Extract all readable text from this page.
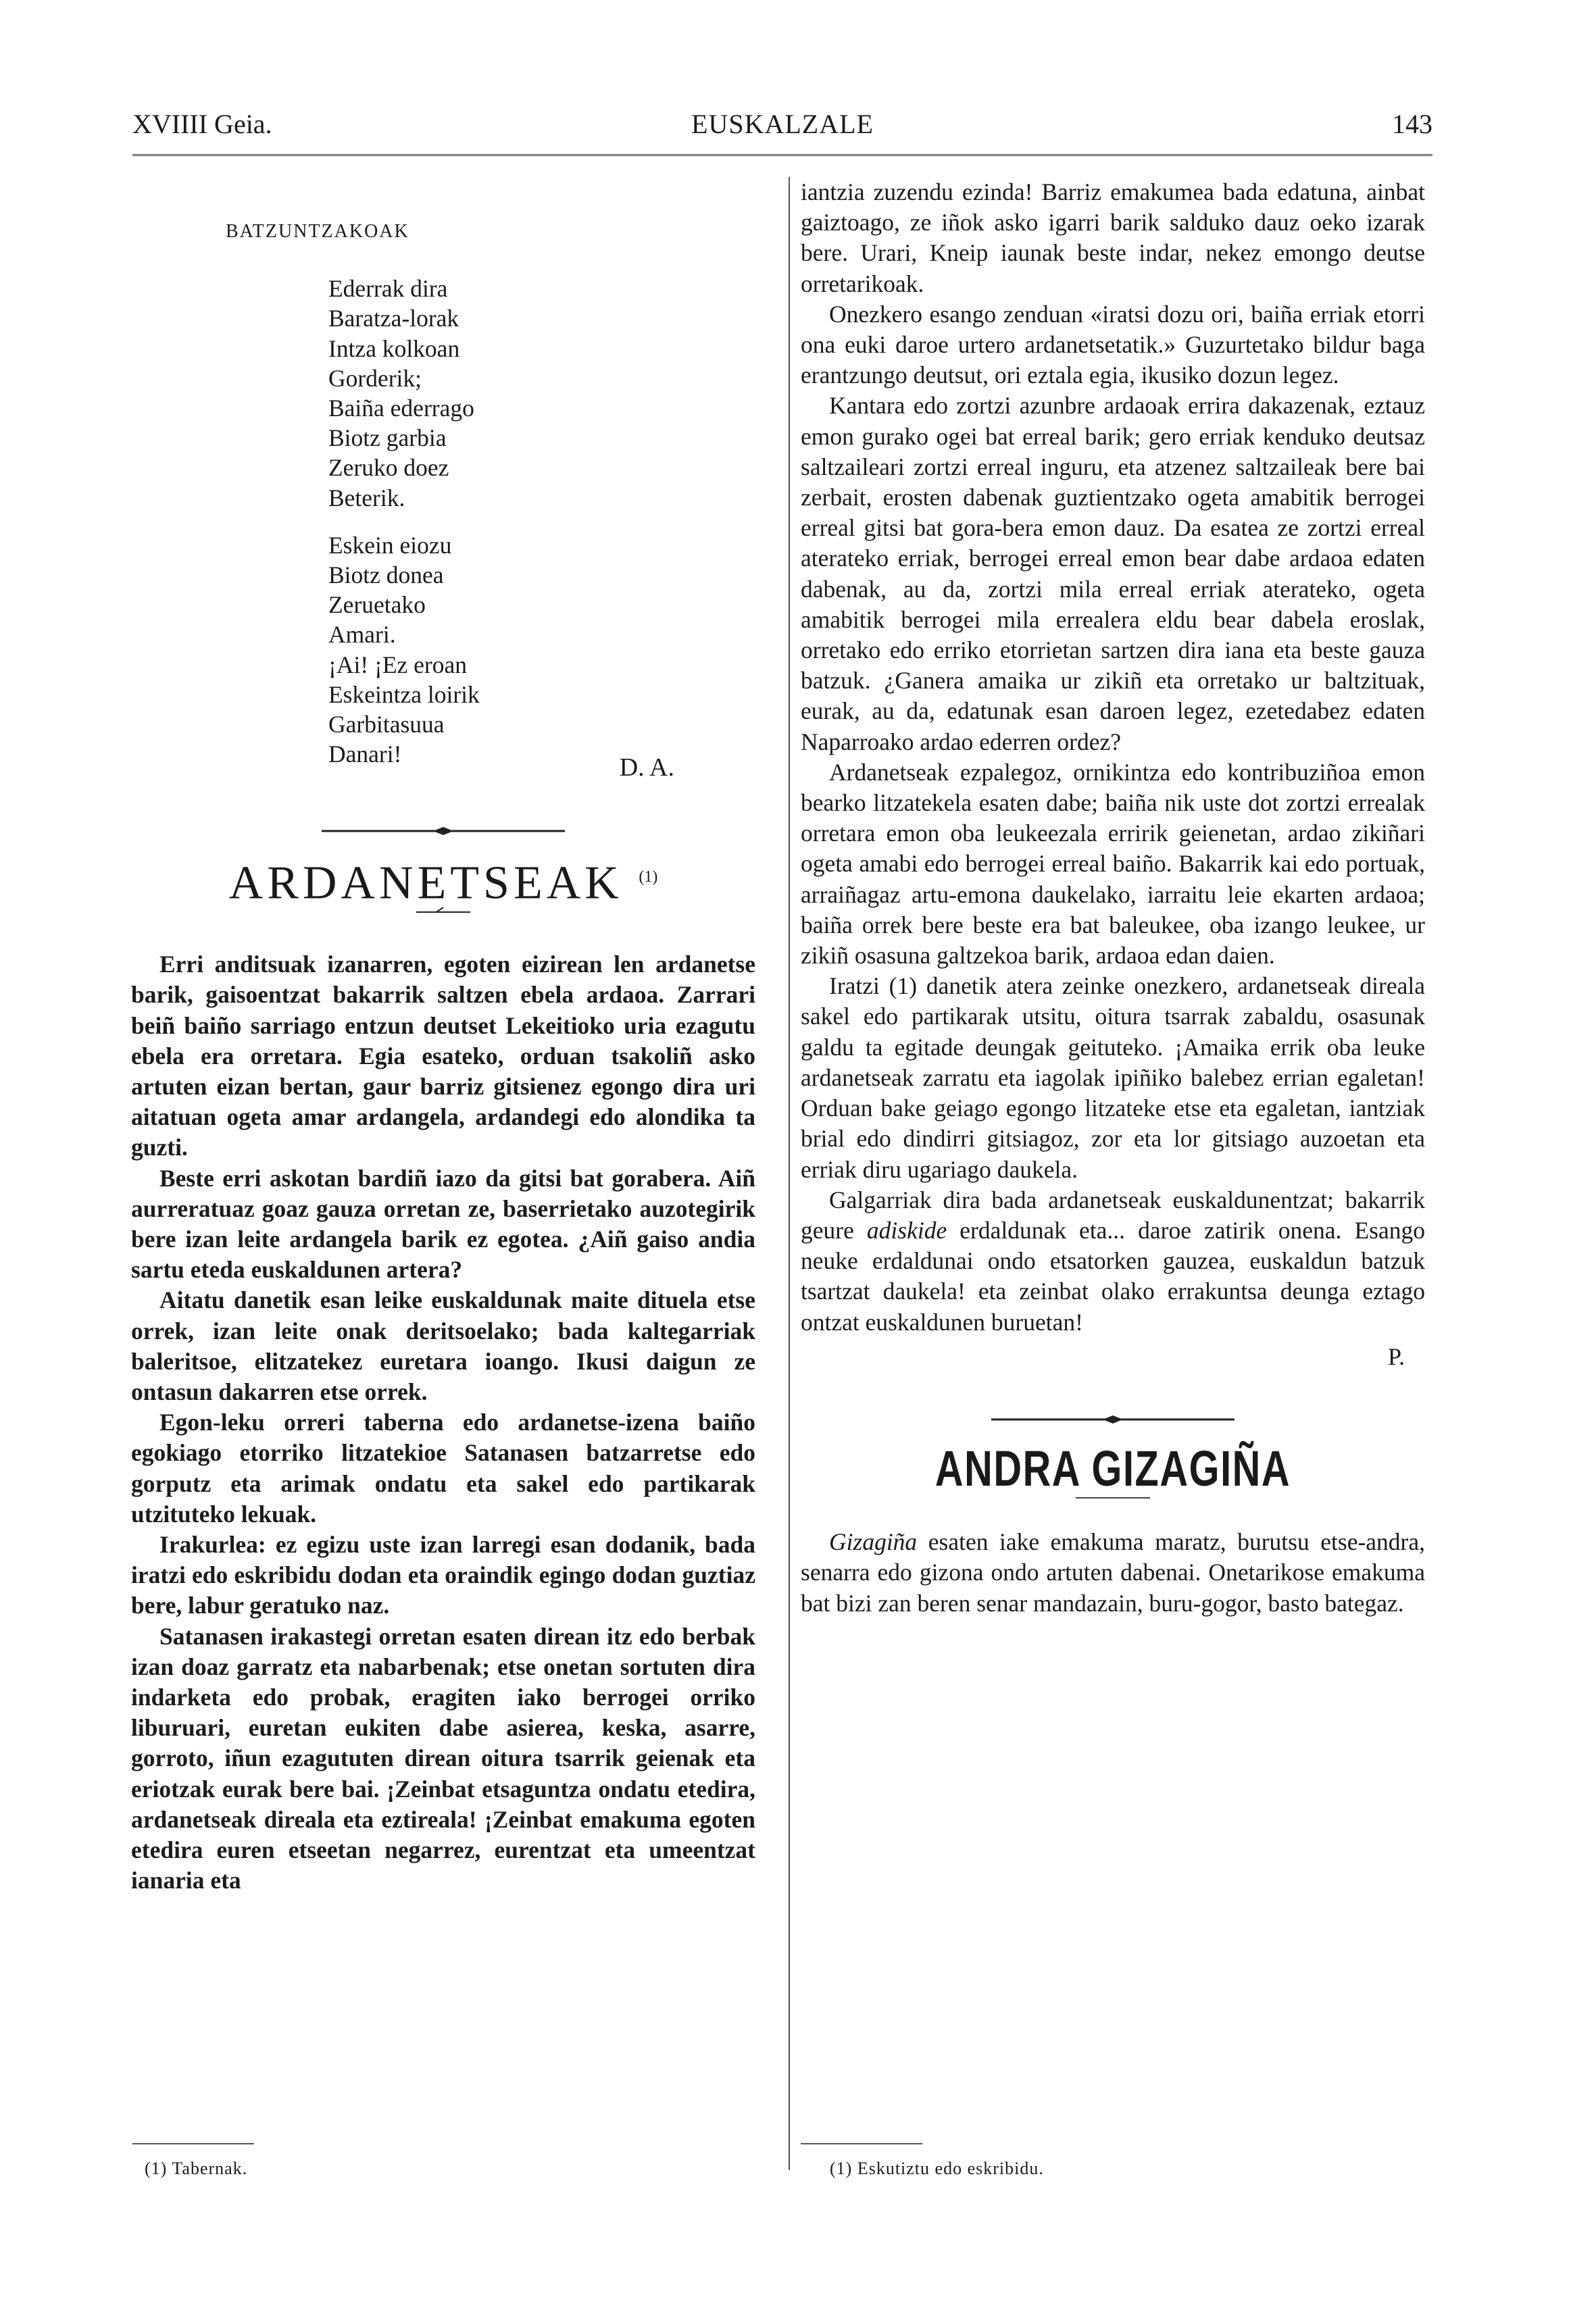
XVIIII Geia.	EUSKALZALE	143
BATZUNTZAKOAK
Ederrak dira
Baratza-lorak
Intza kolkoan
Gorderik;
Baiña ederrago
Biotz garbia
Zeruko doez
Beterik.
Eskein eiozu
Biotz donea
Zeruetako
Amari.
¡Ai! ¡Ez eroan
Eskeintza loirik
Garbitasuua
Danari!	D. A.
ARDANETSEAK $^{(1)}$

Erri anditsuak izanarren, egoten eizirean len ardanetse barik, gaisoentzat bakarrik saltzen ebela ardaoa. Zarrari beiñ baiño sarriago entzun deutset Lekeitioko uria ezagutu ebela era orretara. Egia esateko, orduan tsakoliñ asko artuten eizan bertan, gaur barriz gitsienez egongo dira uri aitatuan ogeta amar ardangela, ardandegi edo alondika ta guzti.

Beste erri askotan bardiñ iazo da gitsi bat gorabera. Aiñ aurreratuaz goaz gauza orretan ze, baserrietako auzotegirik bere izan leite ardangela barik ez egotea. ¿Aiñ gaiso andia sartu eteda euskaldunen artera?

Aitatu danetik esan leike euskaldunak maite dituela etse orrek, izan leite onak deritsoelako; bada kaltegarriak baleritsoe, elitzatekez euretara ioango. Ikusi daigun ze ontasun dakarren etse orrek.

Egon-leku orreri taberna edo ardanetse-izena baiño egokiago etorriko litzatekioe Satanasen batzarretse edo gorputz eta arimak ondatu eta sakel edo partikarak utzituteko lekuak.

Irakurlea: ez egizu uste izan larregi esan dodanik, bada iratzi edo eskribidu dodan eta oraindik egingo dodan guztiaz bere, labur geratuko naz.

Satanasen irakastegi orretan esaten direan itz edo berbak izan doaz garratz eta nabarbenak; etse onetan sortuten dira indarketa edo probak, eragiten iako berrogei orriko liburuari, euretan eukiten dabe asierea, keska, asarre, gorroto, iñun ezagututen direan oitura tsarrik geienak eta eriotzak eurak bere bai. ¡Zeinbat etsaguntza ondatu etedira, ardanetseak direala eta eztireala! ¡Zeinbat emakuma egoten etedira euren etseetan negarrez, eurentzat eta umeentzat ianaria eta

iantzia zuzendu ezinda! Barriz emakumea bada edatuna, ainbat gaiztoago, ze iñok asko igarri barik salduko dauz oeko izarak bere. Urari, Kneip iaunak beste indar, nekez emongo deutse orretarikoak.

Onezkero esango zenduan «iratsi dozu ori, baiña erriak etorri ona euki daroe urtero ardanetsetatik.» Guzurtetako bildur baga erantzungo deutsut, ori eztala egia, ikusiko dozun legez.

Kantara edo zortzi azunbre ardaoak errira dakazenak, eztauz emon gurako ogei bat erreal barik; gero erriak kenduko deutsaz saltzaileari zortzi erreal inguru, eta atzenez saltzaileak bere bai zerbait, erosten dabenak guztientzako ogeta amabitik berrogei erreal gitsi bat gora-bera emon dauz. Da esatea ze zortzi erreal aterateko erriak, berrogei erreal emon bear dabe ardaoa edaten dabenak, au da, zortzi mila erreal erriak aterateko, ogeta amabitik berrogei mila errealera eldu bear dabela eroslak, orretako edo erriko etorrietan sartzen dira iana eta beste gauza batzuk. ¿Ganera amaika ur zikiñ eta orretako ur baltzituak, eurak, au da, edatunak esan daroen legez, ezetedabez edaten Naparroako ardao ederren ordez?

Ardanetseak ezpalegoz, ornikintza edo kontribuziñoa emon bearko litzatekela esaten dabe; baiña nik uste dot zortzi errealak orretara emon oba leukeezala erririk geienetan, ardao zikiñari ogeta amabi edo berrogei erreal baiño. Bakarrik kai edo portuak, arraiñagaz artu-emona daukelako, iarraitu leie ekarten ardaoa; baiña orrek bere beste era bat baleukee, oba izango leukee, ur zikiñ osasuna galtzekoa barik, ardaoa edan daien.

Iratzi (1) danetik atera zeinke onezkero, ardanetseak direala sakel edo partikarak utsitu, oitura tsarrak zabaldu, osasunak galdu ta egitade deungak geituteko. ¡Amaika errik oba leuke ardanetseak zarratu eta iagolak ipiñiko balebez errian egaletan! Orduan bake geiago egongo litzateke etse eta egaletan, iantziak brial edo dindirri gitsiagoz, zor eta lor gitsiago auzoetan eta erriak diru ugariago daukela.

Galgarriak dira bada ardanetseak euskaldunentzat; bakarrik geure adiskide erdaldunak eta... daroe zatirik onena. Esango neuke erdaldunai ondo etsatorken gauzea, euskaldun batzuk tsartzat daukela! eta zeinbat olako errakuntsa deunga eztago ontzat euskaldunen buruetan!

P.
ANDRA GIZAGIÑA

Gizagiña esaten iake emakuma maratz, burutsu etse-andra, senarra edo gizona ondo artuten dabenai. Onetarikose emakuma bat bizi zan beren senar mandazain, buru-gogor, basto bategaz.

(1) Tabernak.	(1) Eskutiztu edo eskribidu.
